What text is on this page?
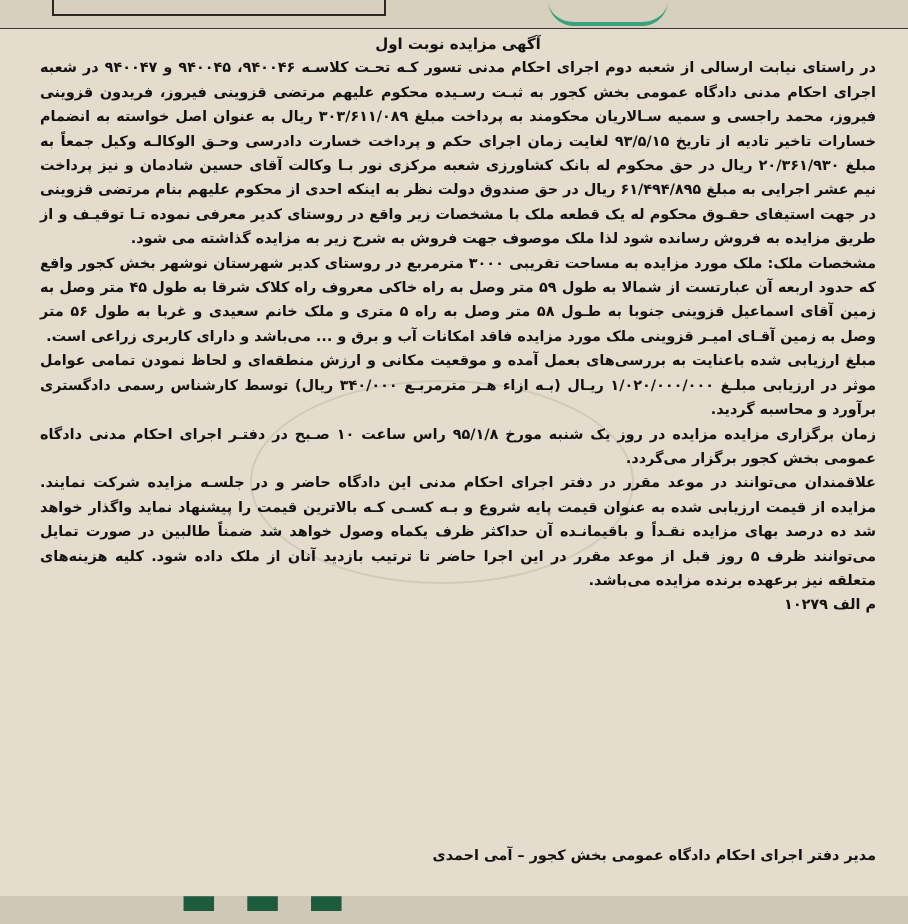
آگهی مزایده نوبت اول

در راستای نیابت ارسالی از شعبه دوم اجرای احکام مدنی تسور کـه تحـت کلاسـه ۹۴۰۰۴۶، ۹۴۰۰۴۵ و ۹۴۰۰۴۷ در شعبه اجرای احکام مدنی دادگاه عمومی بخش کجور به ثبـت رسـیده محکوم علیهم مرتضی قزوینی فیروز، فریدون قزوینی فیروز، محمد راجسی و سمیه سـالاریان محکومند به پرداخت مبلغ ۳۰۳/۶۱۱/۰۸۹ ریال به عنوان اصل خواسته به انضمام خسارات تاخیر تادیه از تاریخ ۹۳/۵/۱۵ لغایت زمان اجرای حکم و پرداخت خسارت دادرسی وحـق الوکالـه وکیل جمعاً به مبلغ ۲۰/۳۶۱/۹۳۰ ریال در حق محکوم له بانک کشاورزی شعبه مرکزی نور بـا وکالت آقای حسین شادمان و نیز پرداخت نیم عشر اجرایی به مبلغ ۶۱/۴۹۴/۸۹۵ ریال در حق صندوق دولت نظر به اینکه احدی از محکوم علیهم بنام مرتضی قزوینی در جهت استیفای حقـوق محکوم له یک قطعه ملک با مشخصات زیر واقع در روستای کدیر معرفی نموده تـا توقیـف و از طریق مزایده به فروش رسانده شود لذا ملک موصوف جهت فروش به شرح زیر به مزایده گذاشته می شود.

مشخصات ملک: ملک مورد مزایده به مساحت تقریبی ۳۰۰۰ مترمربع در روستای کدیر شهرستان نوشهر بخش کجور واقع که حدود اربعه آن عبارتست از شمالا به طول ۵۹ متر وصل به راه خاکی معروف راه کلاک شرقا به طول ۴۵ متر وصل به زمین آقای اسماعیل قزوینی جنوبا به طـول ۵۸ متر وصل به راه ۵ متری و ملک خانم سعیدی و غربا به طول ۵۶ متر وصل به زمین آقـای امیـر قزوینی ملک مورد مزایده فاقد امکانات آب و برق و ... می‌باشد و دارای کاربری زراعی است.

مبلغ ارزیابی شده باعنایت به بررسی‌های بعمل آمده و موقعیت مکانی و ارزش منطقه‌ای و لحاظ نمودن تمامی عوامل موثر در ارزیابی مبلـغ ۱/۰۲۰/۰۰۰/۰۰۰ ریـال (بـه ازاء هـر مترمربـع ۳۴۰/۰۰۰ ریال) توسط کارشناس رسمی دادگستری برآورد و محاسبه گردید.

زمان برگزاری مزایده مزایده در روز یک شنبه مورخ ۹۵/۱/۸ راس ساعت ۱۰ صـبح در دفتـر اجرای احکام مدنی دادگاه عمومی بخش کجور برگزار می‌گردد.

علاقمندان می‌توانند در موعد مقرر در دفتر اجرای احکام مدنی این دادگاه حاضر و در جلسـه مزایده شرکت نمایند. مزایده از قیمت ارزیابی شده به عنوان قیمت پایه شروع و بـه کسـی کـه بالاترین قیمت را پیشنهاد نماید واگذار خواهد شد ده درصد بهای مزایده نقـداً و باقیمانـده آن حداکثر ظرف یکماه وصول خواهد شد ضمناً طالبین در صورت تمایل می‌توانند ظرف ۵ روز قبل از موعد مقرر در این اجرا حاضر تا ترتیب بازدید آنان از ملک داده شود. کلیه هزینه‌های متعلقه نیز برعهده برنده مزایده می‌باشد.

م الف ۱۰۲۷۹

مدیر دفتر اجرای احکام دادگاه عمومی بخش کجور – آمی احمدی
▬ ▬ ▬
